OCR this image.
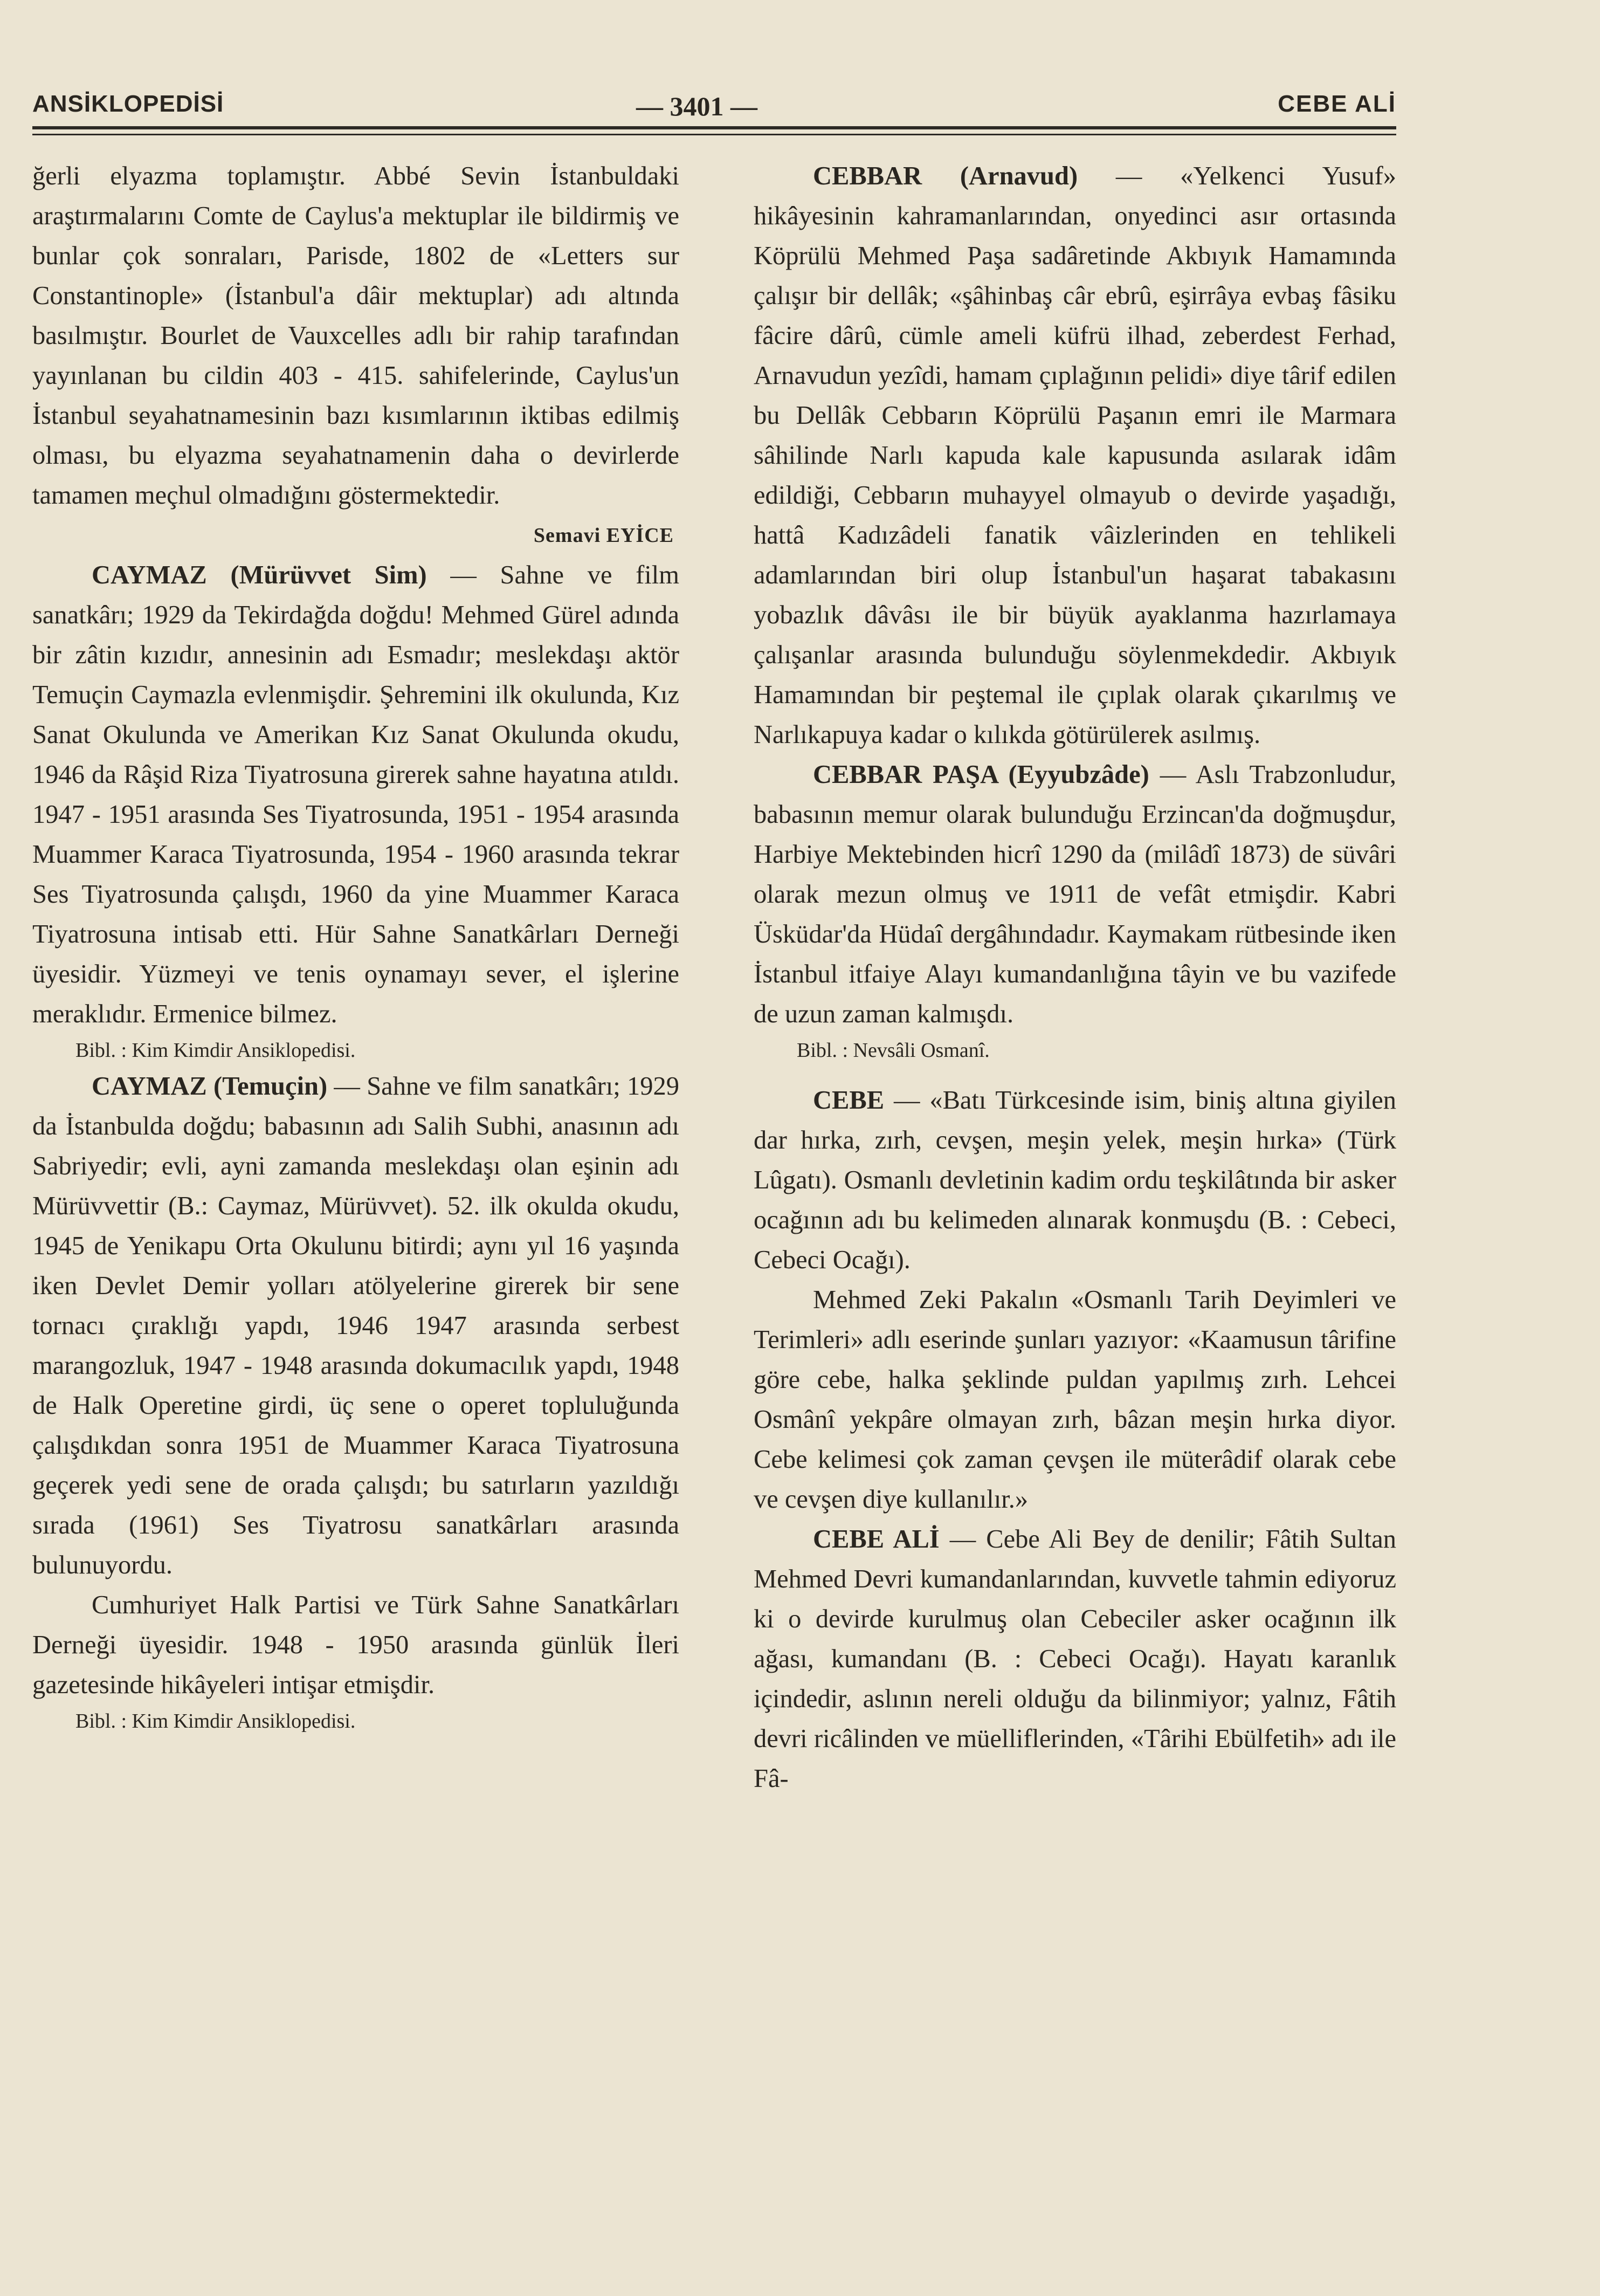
ANSİKLOPEDİSİ	— 3401 —	CEBE ALİ

ğerli elyazma toplamıştır. Abbé Sevin İstanbuldaki araştırmalarını Comte de Caylus'a mektuplar ile bildirmiş ve bunlar çok sonraları, Parisde, 1802 de «Letters sur Constantinople» (İstanbul'a dâir mektuplar) adı altında basılmıştır. Bourlet de Vauxcelles adlı bir rahip tarafından yayınlanan bu cildin 403 - 415. sahifelerinde, Caylus'un İstanbul seyahatnamesinin bazı kısımlarının iktibas edilmiş olması, bu elyazma seyahatnamenin daha o devirlerde tamamen meçhul olmadığını göstermektedir.

Semavi EYİCE

CAYMAZ (Mürüvvet Sim) — Sahne ve film sanatkârı; 1929 da Tekirdağda doğdu! Mehmed Gürel adında bir zâtin kızıdır, annesinin adı Esmadır; meslekdaşı aktör Temuçin Caymazla evlenmişdir. Şehremini ilk okulunda, Kız Sanat Okulunda ve Amerikan Kız Sanat Okulunda okudu, 1946 da Râşid Riza Tiyatrosuna girerek sahne hayatına atıldı. 1947 - 1951 arasında Ses Tiyatrosunda, 1951 - 1954 arasında Muammer Karaca Tiyatrosunda, 1954 - 1960 arasında tekrar Ses Tiyatrosunda çalışdı, 1960 da yine Muammer Karaca Tiyatrosuna intisab etti. Hür Sahne Sanatkârları Derneği üyesidir. Yüzmeyi ve tenis oynamayı sever, el işlerine meraklıdır. Ermenice bilmez.

Bibl. : Kim Kimdir Ansiklopedisi.

CAYMAZ (Temuçin) — Sahne ve film sanatkârı; 1929 da İstanbulda doğdu; babasının adı Salih Subhi, anasının adı Sabriyedir; evli, ayni zamanda meslekdaşı olan eşinin adı Mürüvvettir (B.: Caymaz, Mürüvvet). 52. ilk okulda okudu, 1945 de Yenikapu Orta Okulunu bitirdi; aynı yıl 16 yaşında iken Devlet Demir yolları atölyelerine girerek bir sene tornacı çıraklığı yapdı, 1946 1947 arasında serbest marangozluk, 1947 - 1948 arasında dokumacılık yapdı, 1948 de Halk Operetine girdi, üç sene o operet topluluğunda çalışdıkdan sonra 1951 de Muammer Karaca Tiyatrosuna geçerek yedi sene de orada çalışdı; bu satırların yazıldığı sırada (1961) Ses Tiyatrosu sanatkârları arasında bulunuyordu.

Cumhuriyet Halk Partisi ve Türk Sahne Sanatkârları Derneği üyesidir. 1948 - 1950 arasında günlük İleri gazetesinde hikâyeleri intişar etmişdir.

Bibl. : Kim Kimdir Ansiklopedisi.

CEBBAR (Arnavud) — «Yelkenci Yusuf» hikâyesinin kahramanlarından, onyedinci asır ortasında Köprülü Mehmed Paşa sadâretinde Akbıyık Hamamında çalışır bir dellâk; «şâhinbaş câr ebrû, eşirrâya evbaş fâsiku fâcire dârû, cümle ameli küfrü ilhad, zeberdest Ferhad, Arnavudun yezîdi, hamam çıplağının pelidi» diye târif edilen bu Dellâk Cebbarın Köprülü Paşanın emri ile Marmara sâhilinde Narlı kapuda kale kapusunda asılarak idâm edildiği, Cebbarın muhayyel olmayub o devirde yaşadığı, hattâ Kadızâdeli fanatik vâizlerinden en tehlikeli adamlarından biri olup İstanbul'un haşarat tabakasını yobazlık dâvâsı ile bir büyük ayaklanma hazırlamaya çalışanlar arasında bulunduğu söylenmekdedir. Akbıyık Hamamından bir peştemal ile çıplak olarak çıkarılmış ve Narlıkapuya kadar o kılıkda götürülerek asılmış.

CEBBAR PAŞA (Eyyubzâde) — Aslı Trabzonludur, babasının memur olarak bulunduğu Erzincan'da doğmuşdur, Harbiye Mektebinden hicrî 1290 da (milâdî 1873) de süvâri olarak mezun olmuş ve 1911 de vefât etmişdir. Kabri Üsküdar'da Hüdaî dergâhındadır. Kaymakam rütbesinde iken İstanbul itfaiye Alayı kumandanlığına tâyin ve bu vazifede de uzun zaman kalmışdı.

Bibl. : Nevsâli Osmanî.

CEBE — «Batı Türkcesinde isim, biniş altına giyilen dar hırka, zırh, cevşen, meşin yelek, meşin hırka» (Türk Lûgatı). Osmanlı devletinin kadim ordu teşkilâtında bir asker ocağının adı bu kelimeden alınarak konmuşdu (B. : Cebeci, Cebeci Ocağı).

Mehmed Zeki Pakalın «Osmanlı Tarih Deyimleri ve Terimleri» adlı eserinde şunları yazıyor: «Kaamusun târifine göre cebe, halka şeklinde puldan yapılmış zırh. Lehcei Osmânî yekpâre olmayan zırh, bâzan meşin hırka diyor. Cebe kelimesi çok zaman çevşen ile müterâdif olarak cebe ve cevşen diye kullanılır.»

CEBE ALİ — Cebe Ali Bey de denilir; Fâtih Sultan Mehmed Devri kumandanlarından, kuvvetle tahmin ediyoruz ki o devirde kurulmuş olan Cebeciler asker ocağının ilk ağası, kumandanı (B. : Cebeci Ocağı). Hayatı karanlık içindedir, aslının nereli olduğu da bilinmiyor; yalnız, Fâtih devri ricâlinden ve müelliflerinden, «Târihi Ebülfetih» adı ile Fâ-
